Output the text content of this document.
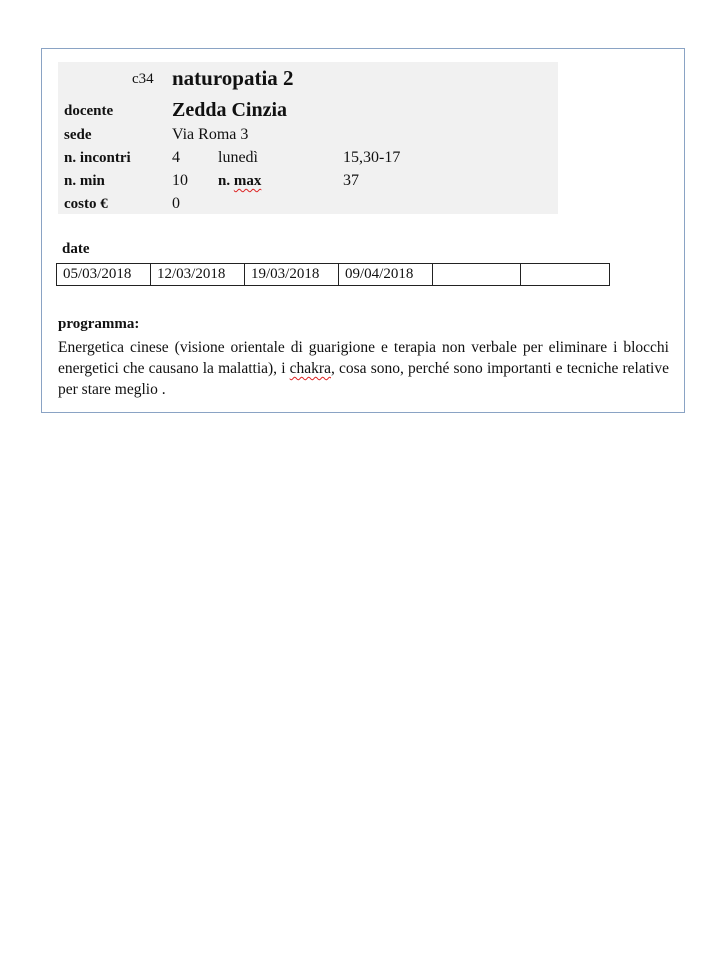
c34 naturopatia 2
docente	Zedda Cinzia
sede	Via Roma 3
n. incontri	4 lunedì	15,30-17
n. min	10 n. max	37
costo €	0
date
05/03/2018	12/03/2018	19/03/2018	09/04/2018		
programma:
Energetica cinese (visione orientale di guarigione e terapia non verbale per eliminare i blocchi energetici che causano la malattia), i chakra, cosa sono, perché sono importanti e tecniche relative per stare meglio .
